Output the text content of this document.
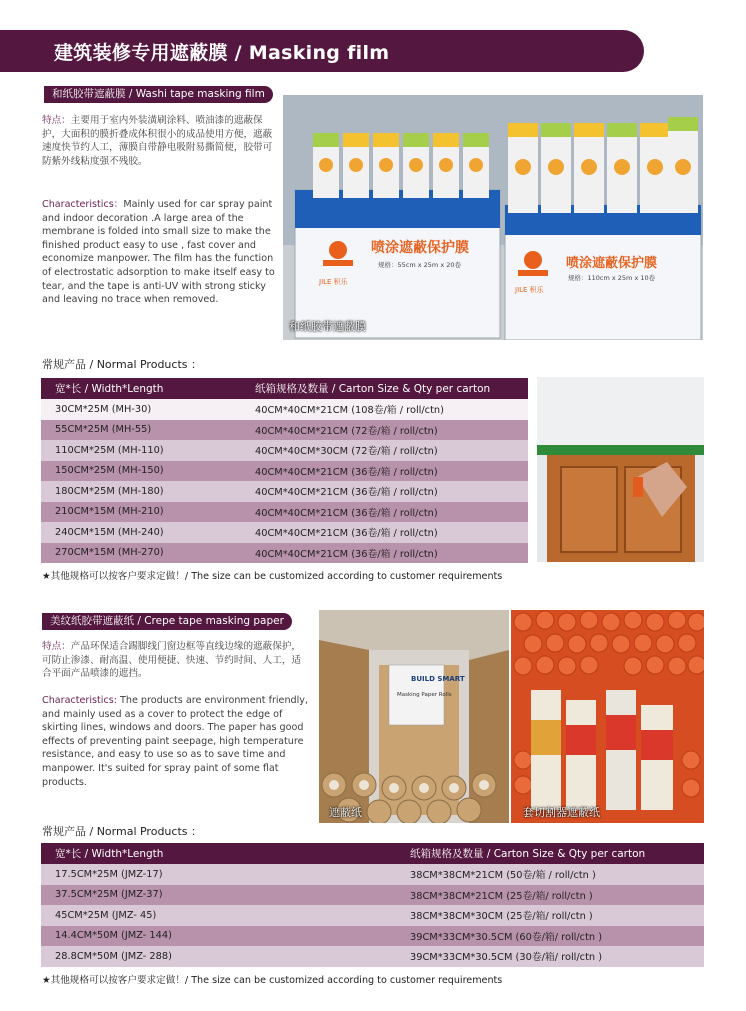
建筑装修专用遮蔽膜 / Masking film
和纸胶带遮蔽膜 / Washi tape masking film
特点：主要用于室内外装潢刷涂料、喷油漆的遮蔽保护，大面积的膜折叠成体积很小的成品使用方便，遮蔽速度快节约人工，薄膜自带静电吸附易撕简便，胶带可防紫外线粘度强不残胶。
Characteristics：Mainly used for car spray paint and indoor decoration .A large area of the membrane is folded into small size to make the finished product easy to use , fast cover and economize manpower. The film has the function of electrostatic adsorption to make itself easy to tear, and the tape is anti-UV with strong sticky and leaving no trace when removed.
喷涂遮蔽保护膜
喷涂遮蔽保护膜
JILE 积乐
JILE 积乐
规格：55cm x 25m x 20卷
规格：110cm x 25m x 10卷
和纸胶带遮蔽膜
常规产品 / Normal Products ：
宽*长 / Width*Length	纸箱规格及数量 / Carton Size & Qty per carton
30CM*25M (MH-30)	40CM*40CM*21CM (108卷/箱 / roll/ctn)
55CM*25M (MH-55)	40CM*40CM*21CM (72卷/箱 / roll/ctn)
110CM*25M (MH-110)	40CM*40CM*30CM (72卷/箱 / roll/ctn)
150CM*25M (MH-150)	40CM*40CM*21CM (36卷/箱 / roll/ctn)
180CM*25M (MH-180)	40CM*40CM*21CM (36卷/箱 / roll/ctn)
210CM*15M (MH-210)	40CM*40CM*21CM (36卷/箱 / roll/ctn)
240CM*15M (MH-240)	40CM*40CM*21CM (36卷/箱 / roll/ctn)
270CM*15M (MH-270)	40CM*40CM*21CM (36卷/箱 / roll/ctn)
★其他规格可以按客户要求定做！/ The size can be customized according to customer requirements
美纹纸胶带遮蔽纸 / Crepe tape masking paper
特点：产品环保适合踢脚线门窗边框等直线边缘的遮蔽保护，可防止渗漆、耐高温、使用便捷、快速、节约时间、人工，适合平面产品喷漆的遮挡。
Characteristics: The products are environment friendly, and mainly used as a cover to protect the edge of skirting lines, windows and doors. The paper has good effects of preventing paint seepage, high temperature resistance, and easy to use so as to save time and manpower. It's suited for spray paint of some flat products.
BUILD SMART
Masking Paper Rolls
遮蔽纸	套切割器遮蔽纸
常规产品 / Normal Products ：
宽*长 / Width*Length	纸箱规格及数量 / Carton Size & Qty per carton
17.5CM*25M (JMZ-17)	38CM*38CM*21CM (50卷/箱 / roll/ctn )
37.5CM*25M (JMZ-37)	38CM*38CM*21CM (25卷/箱/ roll/ctn )
45CM*25M (JMZ- 45)	38CM*38CM*30CM (25卷/箱/ roll/ctn )
14.4CM*50M (JMZ- 144)	39CM*33CM*30.5CM (60卷/箱/ roll/ctn )
28.8CM*50M (JMZ- 288)	39CM*33CM*30.5CM (30卷/箱/ roll/ctn )
★其他规格可以按客户要求定做！/ The size can be customized according to customer requirements
